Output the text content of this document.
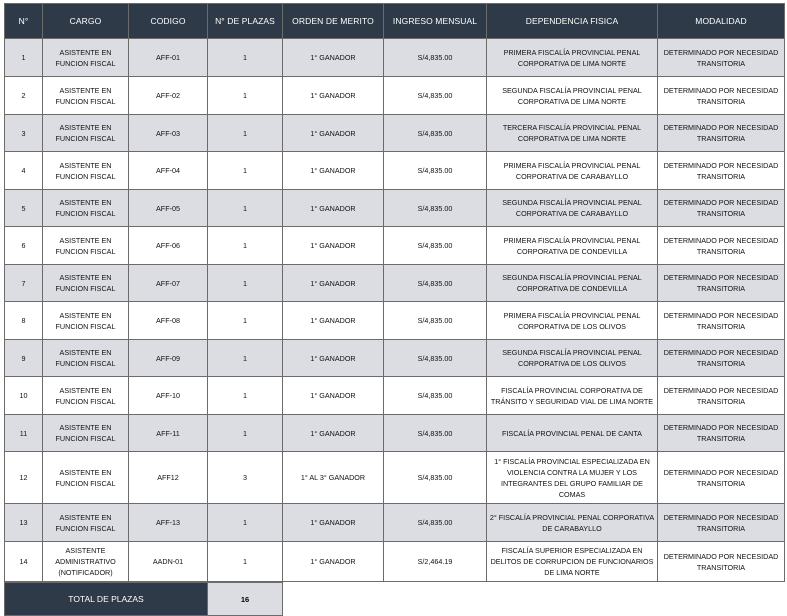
N°	CARGO	CODIGO	N° DE PLAZAS	ORDEN DE MERITO	INGRESO MENSUAL	DEPENDENCIA FISICA	MODALIDAD
1	ASISTENTE EN FUNCION FISCAL	AFF-01	1	1° GANADOR	S/4,835.00	PRIMERA FISCALÍA PROVINCIAL PENAL CORPORATIVA DE LIMA NORTE	DETERMINADO POR NECESIDAD TRANSITORIA
2	ASISTENTE EN FUNCION FISCAL	AFF-02	1	1° GANADOR	S/4,835.00	SEGUNDA FISCALÍA PROVINCIAL PENAL CORPORATIVA DE LIMA NORTE	DETERMINADO POR NECESIDAD TRANSITORIA
3	ASISTENTE EN FUNCION FISCAL	AFF-03	1	1° GANADOR	S/4,835.00	TERCERA FISCALÍA PROVINCIAL PENAL CORPORATIVA DE LIMA NORTE	DETERMINADO POR NECESIDAD TRANSITORIA
4	ASISTENTE EN FUNCION FISCAL	AFF-04	1	1° GANADOR	S/4,835.00	PRIMERA FISCALÍA PROVINCIAL PENAL CORPORATIVA DE CARABAYLLO	DETERMINADO POR NECESIDAD TRANSITORIA
5	ASISTENTE EN FUNCION FISCAL	AFF-05	1	1° GANADOR	S/4,835.00	SEGUNDA FISCALÍA PROVINCIAL PENAL CORPORATIVA DE CARABAYLLO	DETERMINADO POR NECESIDAD TRANSITORIA
6	ASISTENTE EN FUNCION FISCAL	AFF-06	1	1° GANADOR	S/4,835.00	PRIMERA FISCALÍA PROVINCIAL PENAL CORPORATIVA DE CONDEVILLA	DETERMINADO POR NECESIDAD TRANSITORIA
7	ASISTENTE EN FUNCION FISCAL	AFF-07	1	1° GANADOR	S/4,835.00	SEGUNDA FISCALÍA PROVINCIAL PENAL CORPORATIVA DE CONDEVILLA	DETERMINADO POR NECESIDAD TRANSITORIA
8	ASISTENTE EN FUNCION FISCAL	AFF-08	1	1° GANADOR	S/4,835.00	PRIMERA FISCALÍA PROVINCIAL PENAL CORPORATIVA DE LOS OLIVOS	DETERMINADO POR NECESIDAD TRANSITORIA
9	ASISTENTE EN FUNCION FISCAL	AFF-09	1	1° GANADOR	S/4,835.00	SEGUNDA FISCALÍA PROVINCIAL PENAL CORPORATIVA DE LOS OLIVOS	DETERMINADO POR NECESIDAD TRANSITORIA
10	ASISTENTE EN FUNCION FISCAL	AFF-10	1	1° GANADOR	S/4,835.00	FISCALÍA PROVINCIAL CORPORATIVA DE TRÁNSITO Y SEGURIDAD VIAL DE LIMA NORTE	DETERMINADO POR NECESIDAD TRANSITORIA
11	ASISTENTE EN FUNCION FISCAL	AFF-11	1	1° GANADOR	S/4,835.00	FISCALÍA PROVINCIAL PENAL DE CANTA	DETERMINADO POR NECESIDAD TRANSITORIA
12	ASISTENTE EN FUNCION FISCAL	AFF12	3	1° AL 3° GANADOR	S/4,835.00	1° FISCALÍA PROVINCIAL ESPECIALIZADA EN VIOLENCIA CONTRA LA MUJER Y LOS INTEGRANTES DEL GRUPO FAMILIAR DE COMAS	DETERMINADO POR NECESIDAD TRANSITORIA
13	ASISTENTE EN FUNCION FISCAL	AFF-13	1	1° GANADOR	S/4,835.00	2° FISCALÍA PROVINCIAL PENAL CORPORATIVA DE CARABAYLLO	DETERMINADO POR NECESIDAD TRANSITORIA
14	ASISTENTE ADMINISTRATIVO (NOTIFICADOR)	AADN-01	1	1° GANADOR	S/2,464.19	FISCALÍA SUPERIOR ESPECIALIZADA EN DELITOS DE CORRUPCION DE FUNCIONARIOS DE LIMA NORTE	DETERMINADO POR NECESIDAD TRANSITORIA
TOTAL DE PLAZAS	16
